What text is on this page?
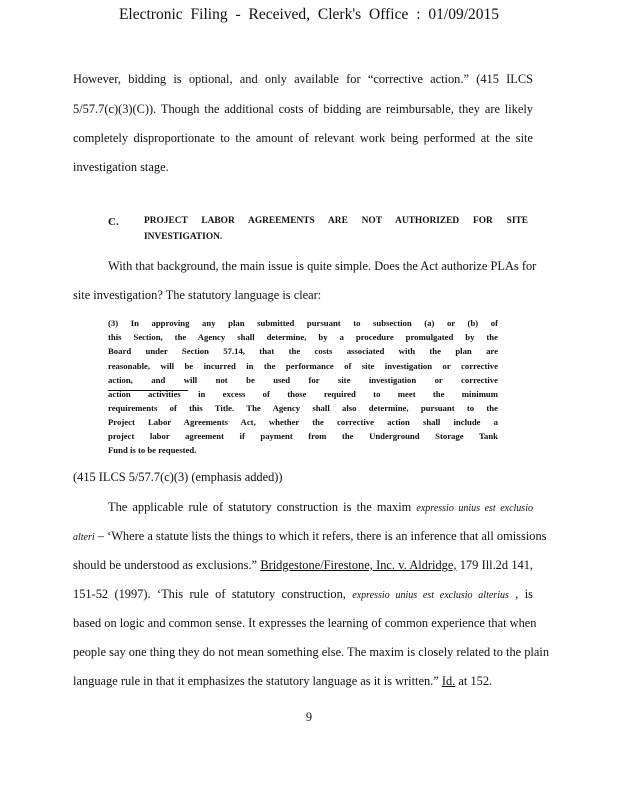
Electronic Filing - Received, Clerk's Office : 01/09/2015
However, bidding is optional, and only available for “corrective action.” (415 ILCS
5/57.7(c)(3)(C)). Though the additional costs of bidding are reimbursable, they are likely
completely disproportionate to the amount of relevant work being performed at the site
investigation stage.
C.	PROJECT LABOR AGREEMENTS ARE NOT AUTHORIZED FOR SITE
INVESTIGATION.
With that background, the main issue is quite simple. Does the Act authorize PLAs for
site investigation? The statutory language is clear:
(3) In approving any plan submitted pursuant to subsection (a) or (b) of
this Section, the Agency shall determine, by a procedure promulgated by the
Board under Section 57.14, that the costs associated with the plan are
reasonable, will be incurred in the performance of site investigation or corrective
action, and will not be used for site investigation or corrective
action activities in excess of those required to meet the minimum
requirements of this Title. The Agency shall also determine, pursuant to the
Project Labor Agreements Act, whether the corrective action shall include a
project labor agreement if payment from the Underground Storage Tank
Fund is to be requested.
(415 ILCS 5/57.7(c)(3) (emphasis added))
The applicable rule of statutory construction is the maxim expressio unius est exclusio
alteri – ‘Where a statute lists the things to which it refers, there is an inference that all omissions
should be understood as exclusions.” Bridgestone/Firestone, Inc. v. Aldridge, 179 Ill.2d 141,
151-52 (1997). ‘This rule of statutory construction, expressio unius est exclusio alterius , is
based on logic and common sense. It expresses the learning of common experience that when
people say one thing they do not mean something else. The maxim is closely related to the plain
language rule in that it emphasizes the statutory language as it is written.” Id. at 152.
9
